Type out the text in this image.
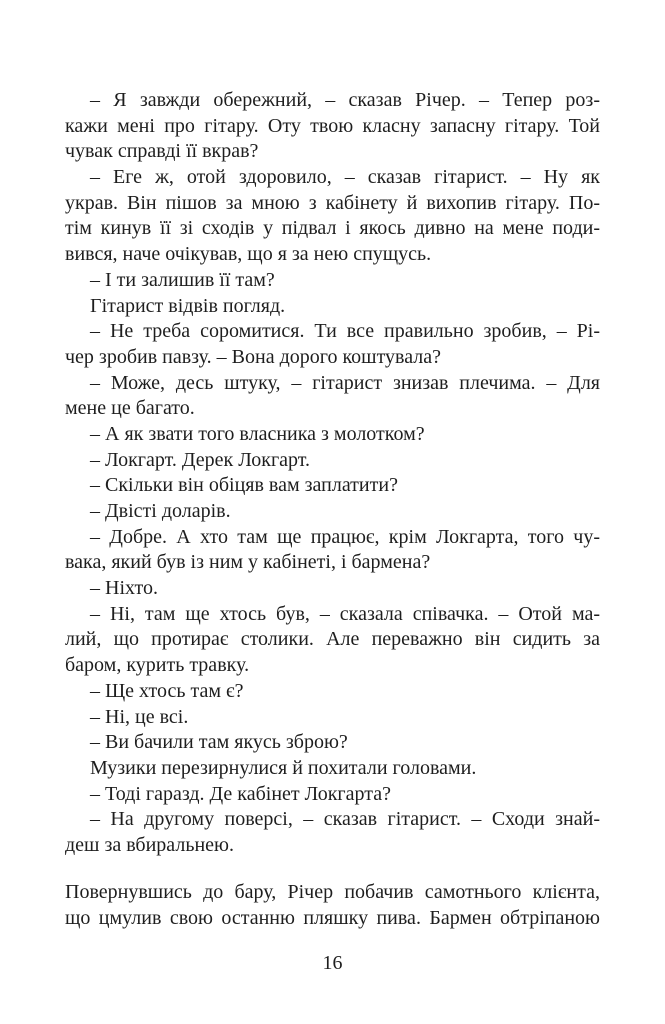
– Я завжди обережний, – сказав Річер. – Тепер роз-
кажи мені про гітару. Оту твою класну запасну гітару. Той
чувак справді її вкрав?
– Еге ж, отой здоровило, – сказав гітарист. – Ну як
украв. Він пішов за мною з кабінету й вихопив гітару. По-
тім кинув її зі сходів у підвал і якось дивно на мене поди-
вився, наче очікував, що я за нею спущусь.
– І ти залишив її там?
Гітарист відвів погляд.
– Не треба соромитися. Ти все правильно зробив, – Рі-
чер зробив павзу. – Вона дорого коштувала?
– Може, десь штуку, – гітарист знизав плечима. – Для
мене це багато.
– А як звати того власника з молотком?
– Локгарт. Дерек Локгарт.
– Скільки він обіцяв вам заплатити?
– Двісті доларів.
– Добре. А хто там ще працює, крім Локгарта, того чу-
вака, який був із ним у кабінеті, і бармена?
– Ніхто.
– Ні, там ще хтось був, – сказала співачка. – Отой ма-
лий, що протирає столики. Але переважно він сидить за
баром, курить травку.
– Ще хтось там є?
– Ні, це всі.
– Ви бачили там якусь зброю?
Музики перезирнулися й похитали головами.
– Тоді гаразд. Де кабінет Локгарта?
– На другому поверсі, – сказав гітарист. – Сходи знай-
деш за вбиральнею.
Повернувшись до бару, Річер побачив самотнього клієнта,
що цмулив свою останню пляшку пива. Бармен обтріпаною
16
